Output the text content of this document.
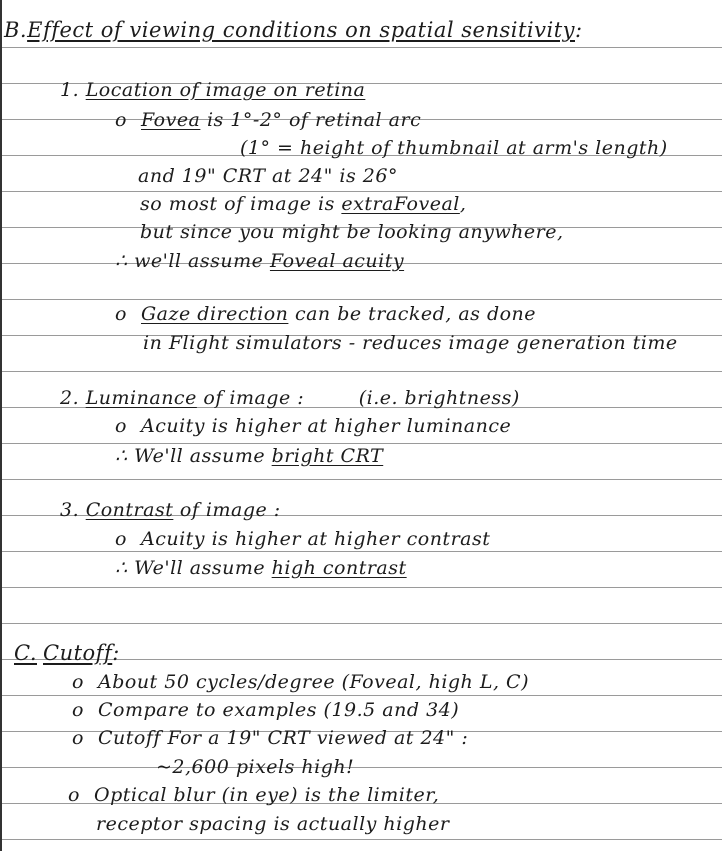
B.Effect of viewing conditions on spatial sensitivity:
1. Location of image on retina
o Fovea is 1°-2° of retinal arc
(1° = height of thumbnail at arm's length)
and 19" CRT at 24" is 26°
so most of image is extraFoveal,
but since you might be looking anywhere,
∴ we'll assume Foveal acuity
o Gaze direction can be tracked, as done
in Flight simulators - reduces image generation time
2. Luminance of image :	(i.e. brightness)
o Acuity is higher at higher luminance
∴ We'll assume bright CRT
3. Contrast of image :
o Acuity is higher at higher contrast
∴ We'll assume high contrast
C. Cutoff:
o About 50 cycles/degree (Foveal, high L, C)
o Compare to examples (19.5 and 34)
o Cutoff For a 19" CRT viewed at 24" :
~2,600 pixels high!
o Optical blur (in eye) is the limiter,
receptor spacing is actually higher
